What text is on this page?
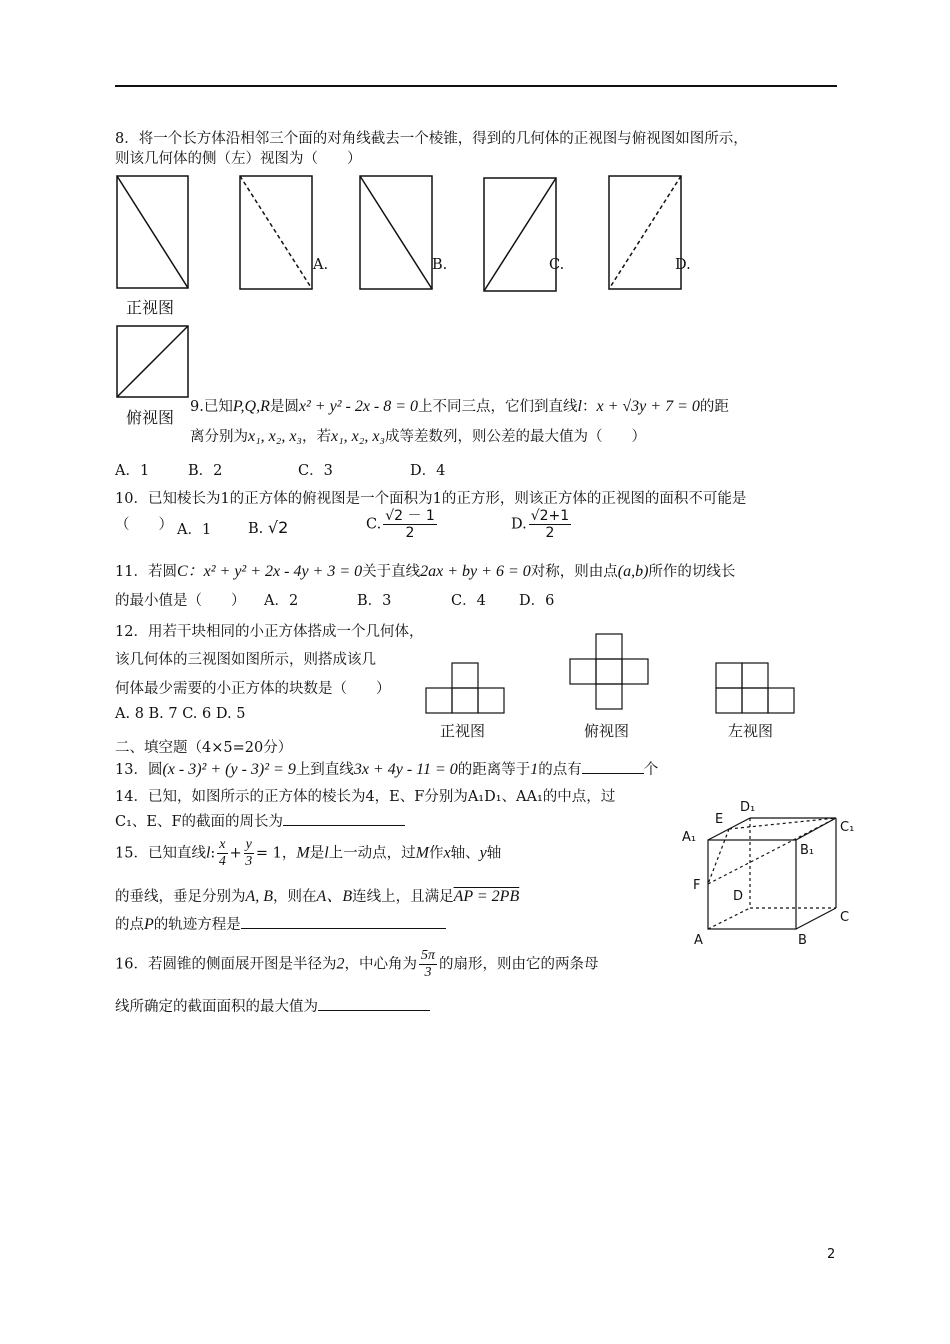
8．将一个长方体沿相邻三个面的对角线截去一个棱锥，得到的几何体的正视图与俯视图如图所示，
则该几何体的侧（左）视图为（　　）
A.	B.	C.	D.
正视图
俯视图
9.已知P,Q,R是圆x² + y² - 2x - 8 = 0上不同三点，它们到直线l：x + √3y + 7 = 0的距
离分别为x₁, x₂, x₃，若x₁, x₂, x₃成等差数列，则公差的最大值为（　　）
A．1	B．2	C．3	D．4
10．已知棱长为1的正方体的俯视图是一个面积为1的正方形，则该正方体的正视图的面积不可能是
（　　） A．1	B. √2	C. $\frac{√2 - 1}{2}$	D. $\frac{√2+1}{2}$
11．若圆C：x² + y² + 2x - 4y + 3 = 0关于直线2ax + by + 6 = 0对称，则由点(a,b)所作的切线长
的最小值是（　　） A．2	B．3	C．4 D．6
12．用若干块相同的小正方体搭成一个几何体，
该几何体的三视图如图所示，则搭成该几
何体最少需要的小正方体的块数是（　　）
A. 8 B. 7 C. 6 D. 5
正视图	俯视图	左视图
二、填空题（4×5=20分）
13．圆(x - 3)² + (y - 3)² = 9上到直线3x + 4y - 11 = 0的距离等于1的点有	个
14．已知，如图所示的正方体的棱长为4，E、F分别为A₁D₁、AA₁的中点，过
C₁、E、F的截面的周长为
A₁
E
D₁
C₁
B₁
F
D
C
A	B
15．已知直线l: $\frac{x}{4} + \frac{y}{3} = 1$，M是l上一动点，过M作x轴、y轴
的垂线，垂足分别为A, B，则在A、B连线上，且满足AP = 2PB
的点P的轨迹方程是
16．若圆锥的侧面展开图是半径为2，中心角为 $\frac{5\pi}{3}$ 的扇形，则由它的两条母
线所确定的截面面积的最大值为
2
